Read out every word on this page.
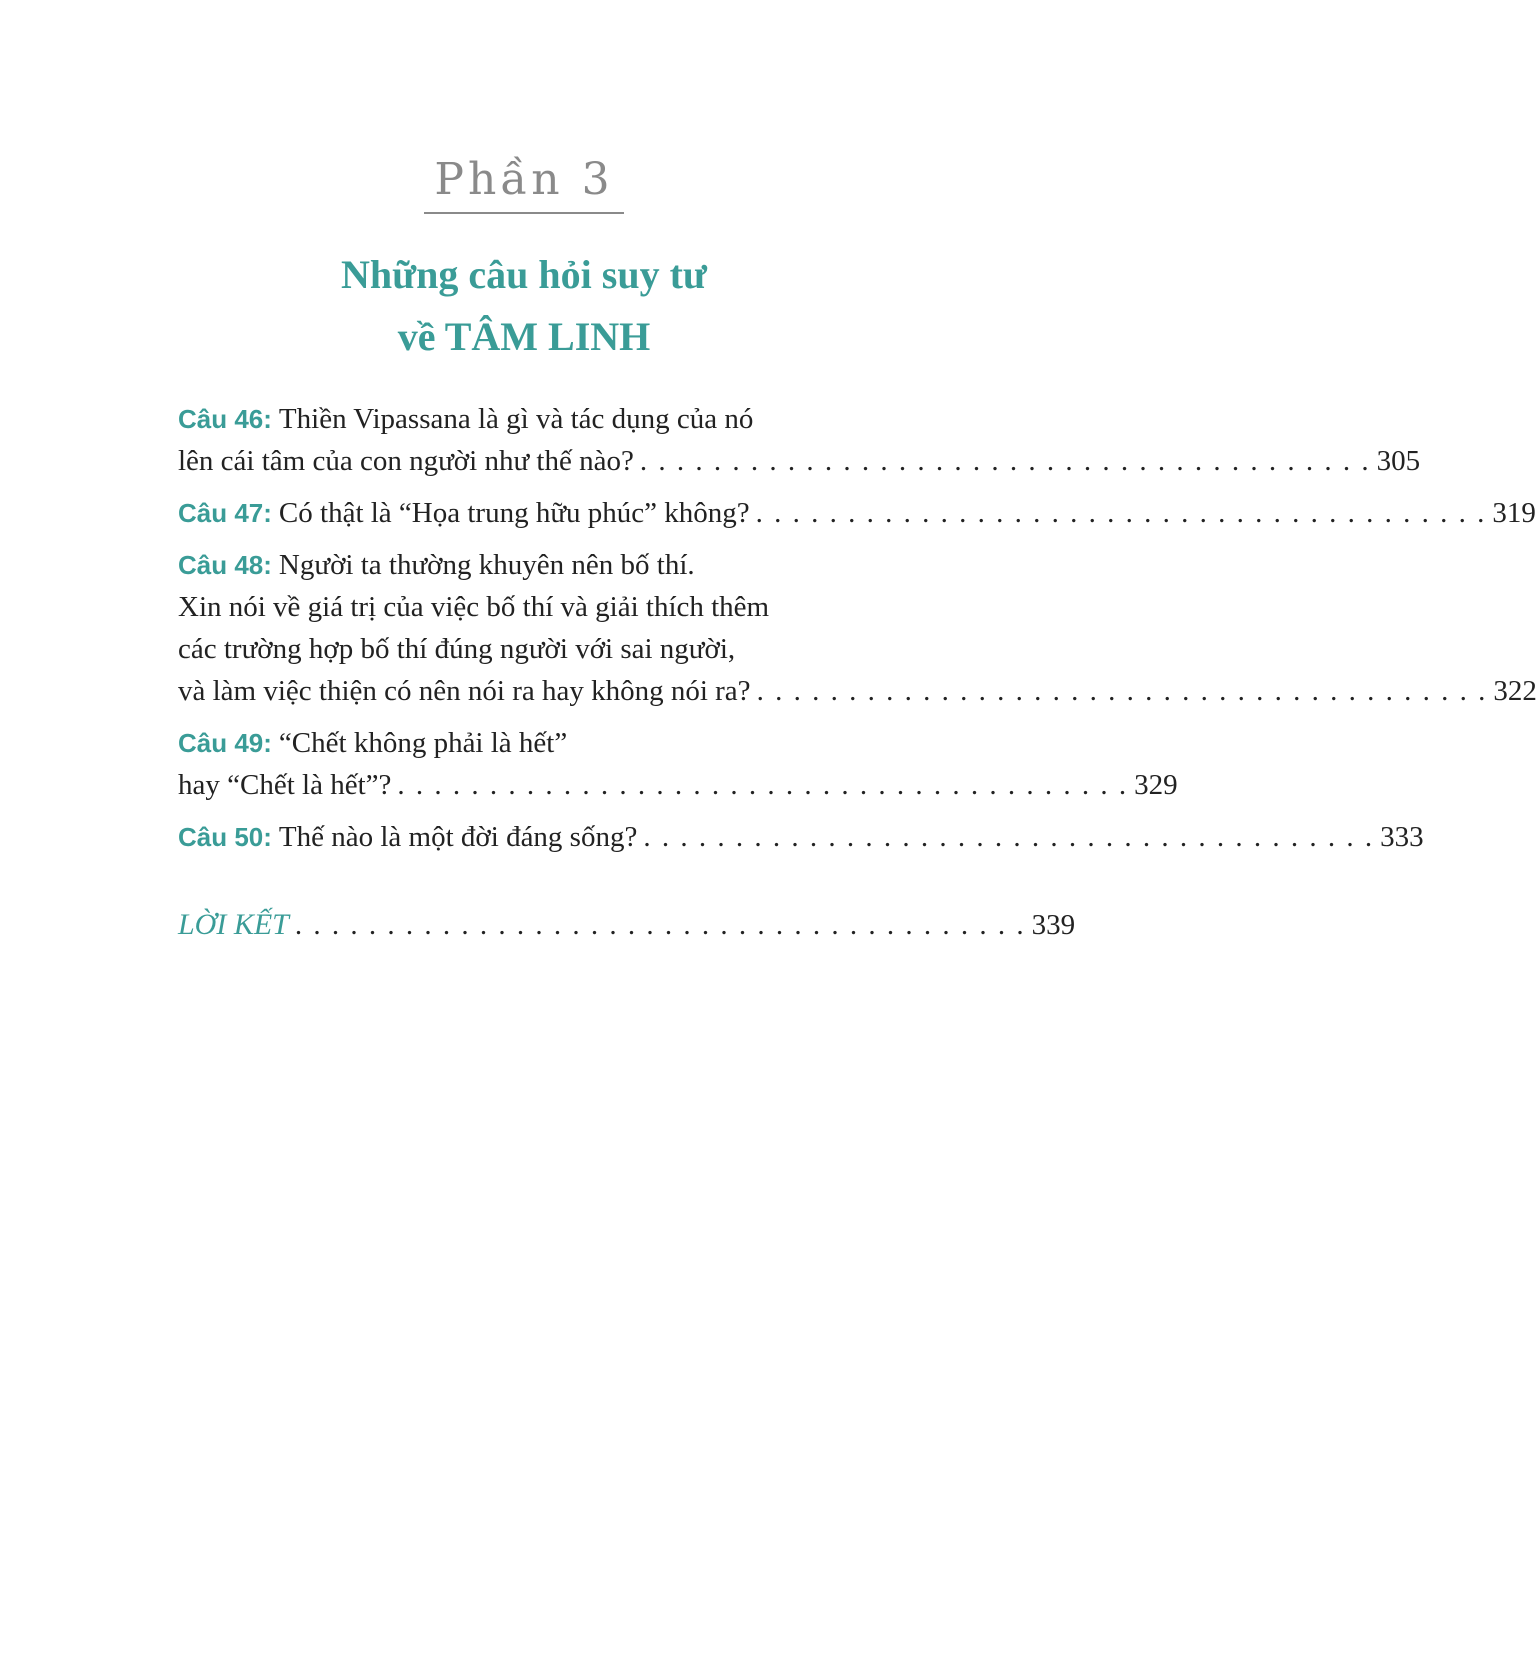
Phần 3
Những câu hỏi suy tư
về TÂM LINH
Câu 46: Thiền Vipassana là gì và tác dụng của nó
lên cái tâm của con người như thế nào? . . . . . . . . . . . . . . . . . . . . . . . . . . . . . . . . . . . . . . . . 305
Câu 47: Có thật là “Họa trung hữu phúc” không? . . . . . . . . . . . . . . . . . . . . . . . . . . . . . . . . . . . . . . . . 319
Câu 48: Người ta thường khuyên nên bố thí.
Xin nói về giá trị của việc bố thí và giải thích thêm
các trường hợp bố thí đúng người với sai người,
và làm việc thiện có nên nói ra hay không nói ra? . . . . . . . . . . . . . . . . . . . . . . . . . . . . . . . . . . . . . . . . 322
Câu 49: “Chết không phải là hết”
hay “Chết là hết”? . . . . . . . . . . . . . . . . . . . . . . . . . . . . . . . . . . . . . . . . 329
Câu 50: Thế nào là một đời đáng sống? . . . . . . . . . . . . . . . . . . . . . . . . . . . . . . . . . . . . . . . . 333
LỜI KẾT . . . . . . . . . . . . . . . . . . . . . . . . . . . . . . . . . . . . . . . . 339
